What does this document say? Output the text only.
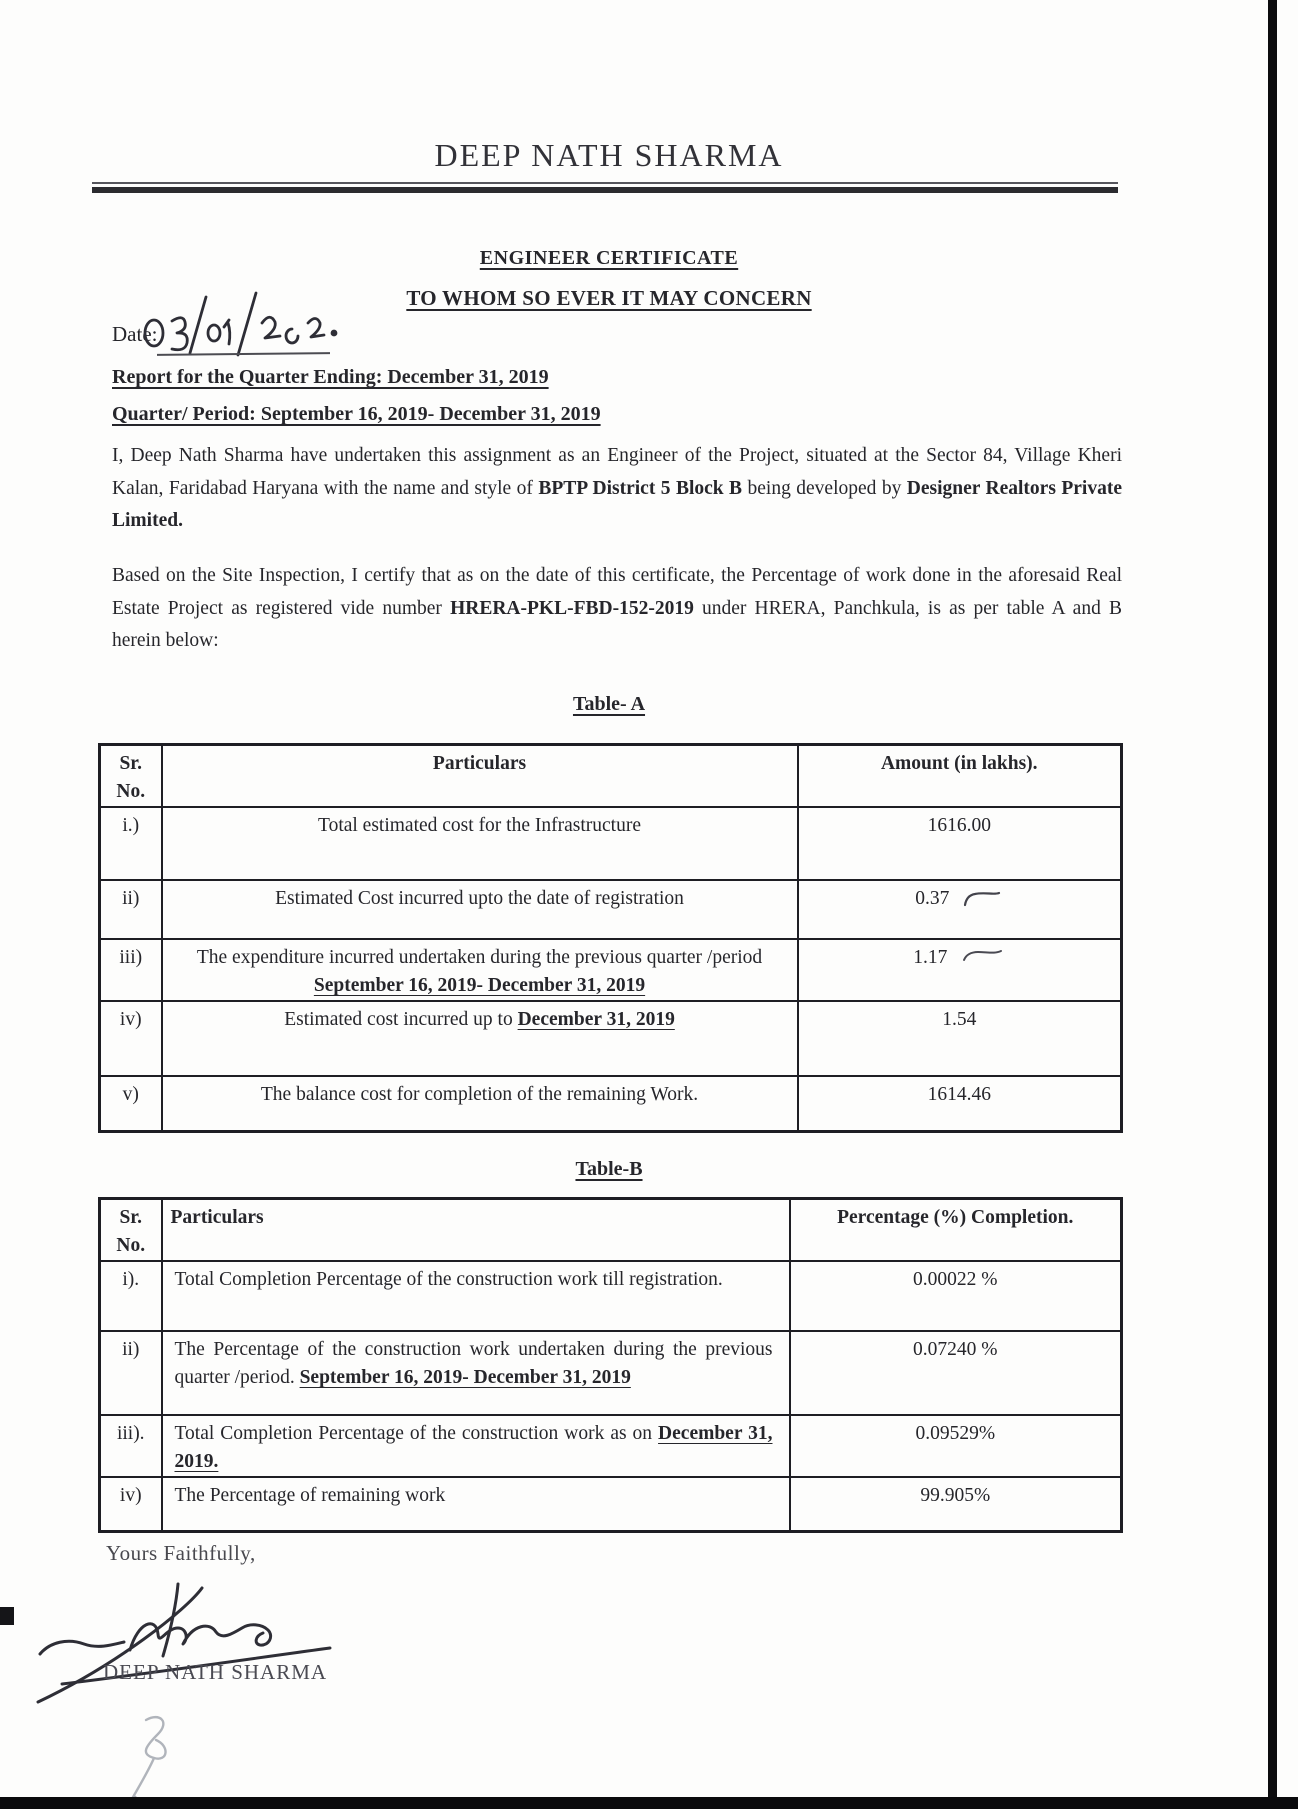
DEEP NATH SHARMA
ENGINEER CERTIFICATE
TO WHOM SO EVER IT MAY CONCERN
Date:
Report for the Quarter Ending: December 31, 2019
Quarter/ Period: September 16, 2019- December 31, 2019
I, Deep Nath Sharma have undertaken this assignment as an Engineer of the Project, situated at the Sector 84, Village Kheri Kalan, Faridabad Haryana with the name and style of BPTP District 5 Block B being developed by Designer Realtors Private Limited.
Based on the Site Inspection, I certify that as on the date of this certificate, the Percentage of work done in the aforesaid Real Estate Project as registered vide number HRERA-PKL-FBD-152-2019 under HRERA, Panchkula, is as per table A and B herein below:
Table- A
Sr.
No.	Particulars	Amount (in lakhs).
i.)	Total estimated cost for the Infrastructure	1616.00

ii)	Estimated Cost incurred upto the date of registration	0.37

iii)	The expenditure incurred undertaken during the previous quarter /period September 16, 2019- December 31, 2019	1.17

iv)	Estimated cost incurred up to December 31, 2019	1.54

v)	The balance cost for completion of the remaining Work.	1614.46
Table-B
Sr.
No.	Particulars	Percentage (%) Completion.
i).	Total Completion Percentage of the construction work till registration.	0.00022 %

ii)	The Percentage of the construction work undertaken during the previous quarter /period. September 16, 2019- December 31, 2019	0.07240 %

iii).	Total Completion Percentage of the construction work as on December 31, 2019.	0.09529%

iv)	The Percentage of remaining work	99.905%
Yours Faithfully,
DEEP NATH SHARMA
